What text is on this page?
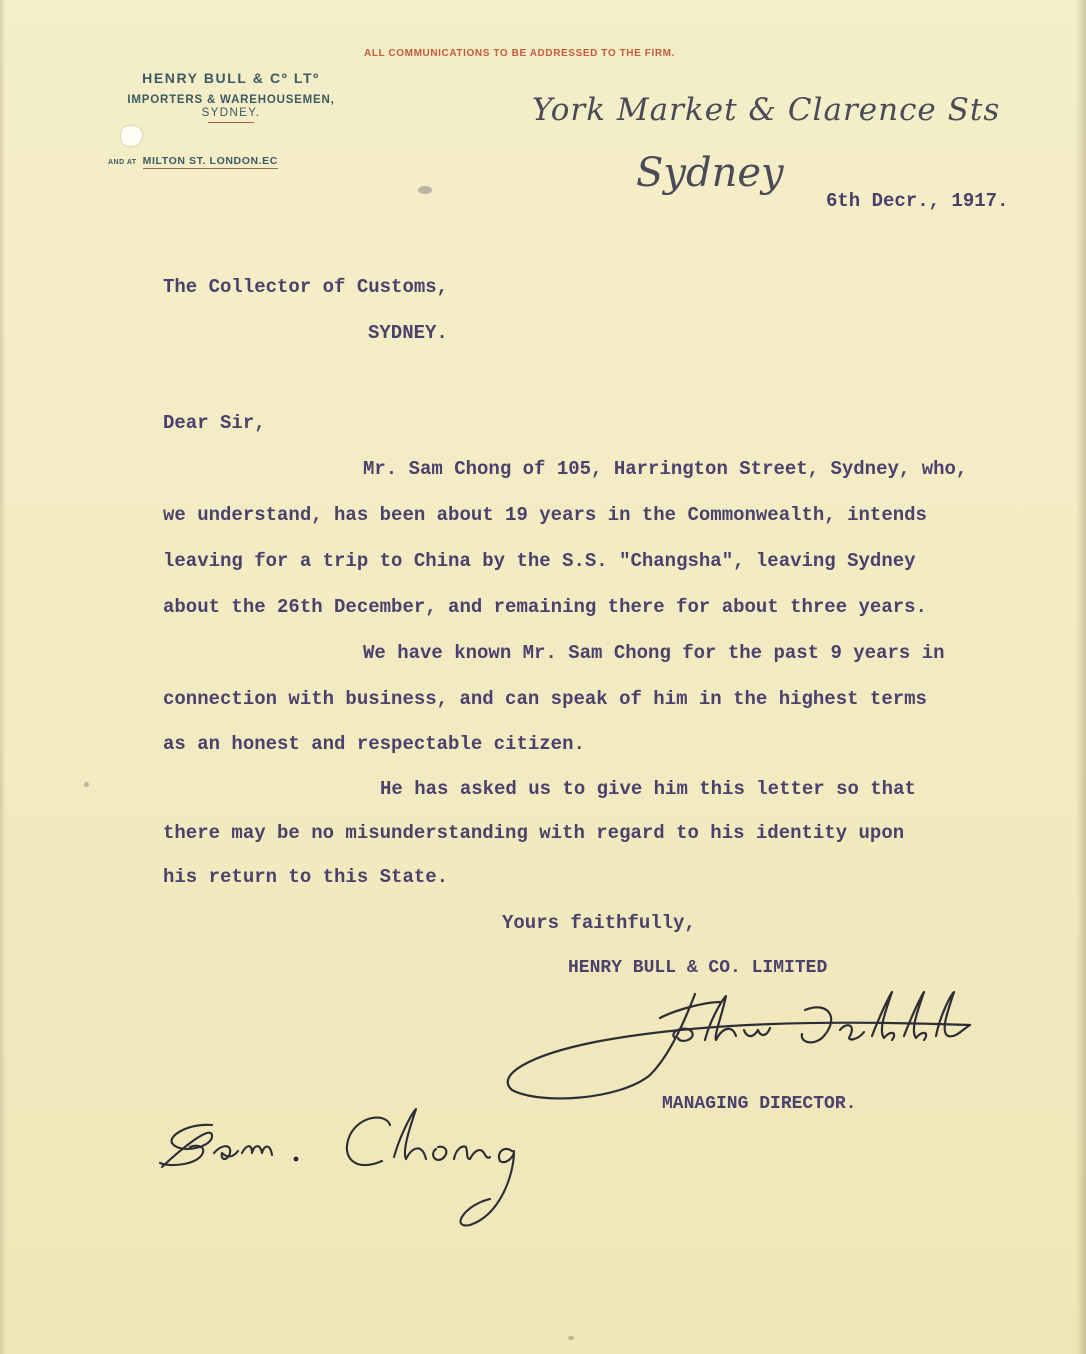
ALL COMMUNICATIONS TO BE ADDRESSED TO THE FIRM.
HENRY BULL & Cº LTº
IMPORTERS & WAREHOUSEMEN,
SYDNEY.
AND AT MILTON ST. LONDON.EC
York Market & Clarence Sts
Sydney
6th Decr., 1917.
The Collector of Customs,
SYDNEY.
Dear Sir,
Mr. Sam Chong of 105, Harrington Street, Sydney, who,
we understand, has been about 19 years in the Commonwealth, intends
leaving for a trip to China by the S.S. "Changsha", leaving Sydney
about the 26th December, and remaining there for about three years.
We have known Mr. Sam Chong for the past 9 years in
connection with business, and can speak of him in the highest terms
as an honest and respectable citizen.
He has asked us to give him this letter so that
there may be no misunderstanding with regard to his identity upon
his return to this State.
Yours faithfully,
HENRY BULL & CO. LIMITED
MANAGING DIRECTOR.
